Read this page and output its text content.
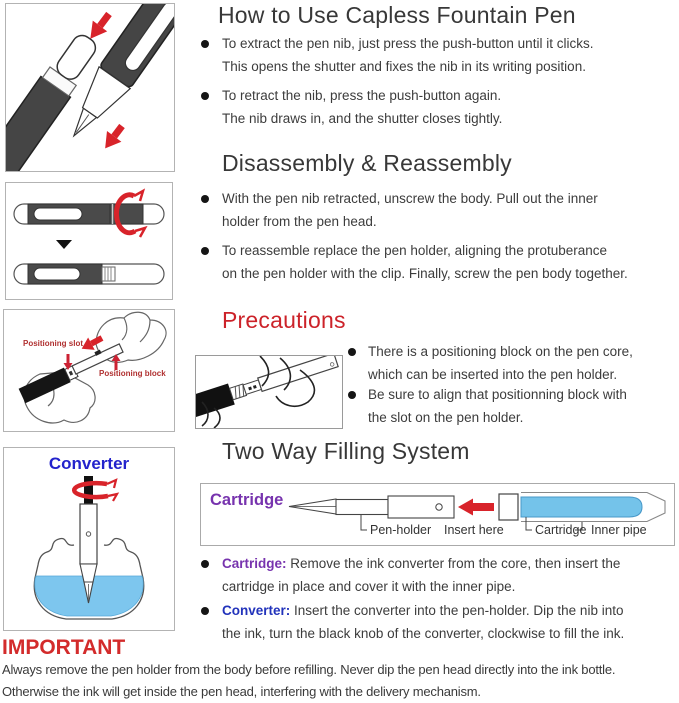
How to Use Capless Fountain Pen
To extract the pen nib, just press the push-button until it clicks.
This opens the shutter and fixes the nib in its writing position.
To retract the nib, press the push-button again.
The nib draws in, and the shutter closes tightly.
Disassembly & Reassembly
With the pen nib retracted, unscrew the body. Pull out the inner
holder from the pen head.
To reassemble replace the pen holder, aligning the protuberance
on the pen holder with the clip. Finally, screw the pen body together.
Positioning slot
Positioning block
Precautions
There is a positioning block on the pen core,
which can be inserted into the pen holder.
Be sure to align that positionning block with
the slot on the pen holder.
Converter	Two Way Filling System
Cartridge
Pen-holder Insert here Cartridge Inner pipe
Cartridge: Remove the ink converter from the core, then insert the
cartridge in place and cover it with the inner pipe.
Converter: Insert the converter into the pen-holder. Dip the nib into
the ink, turn the black knob of the converter, clockwise to fill the ink.
IMPORTANT
Always remove the pen holder from the body before refilling. Never dip the pen head directly into the ink bottle.
Otherwise the ink will get inside the pen head, interfering with the delivery mechanism.
